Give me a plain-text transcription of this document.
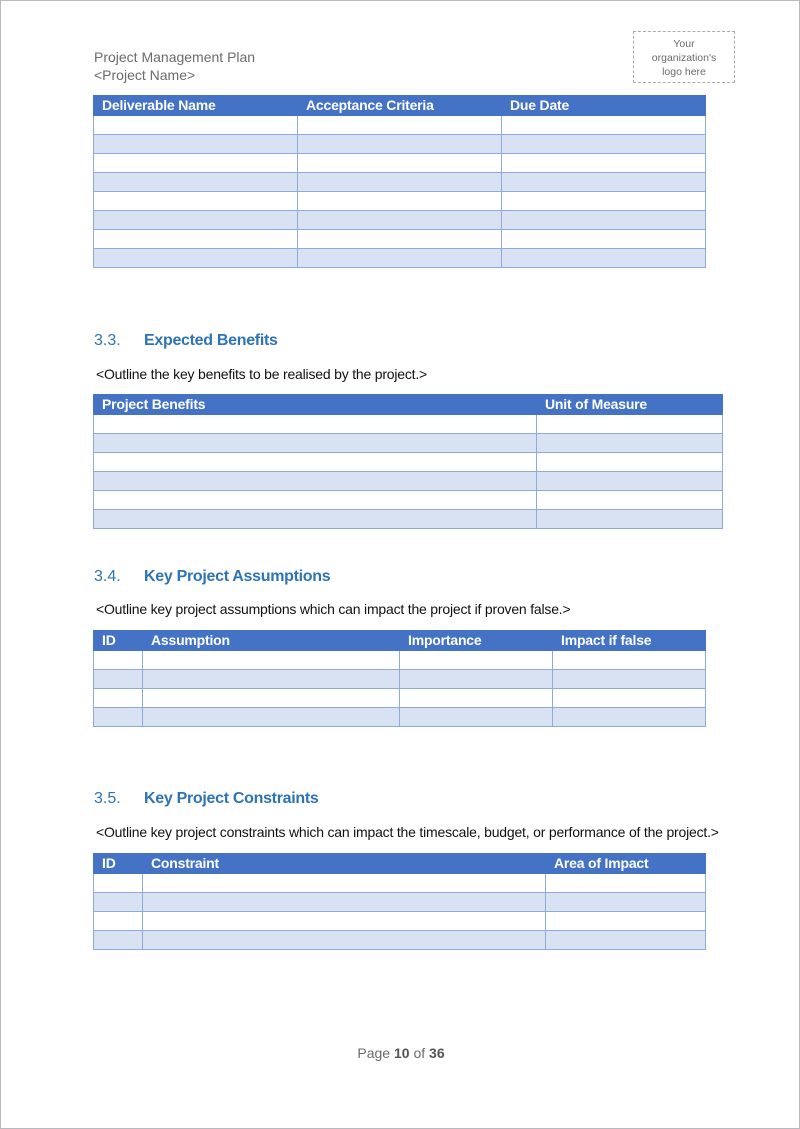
Project Management Plan
<Project Name>
Your
organization's
logo here
Deliverable Name	Acceptance Criteria	Due Date

3.3. Expected Benefits
<Outline the key benefits to be realised by the project.>
Project Benefits	Unit of Measure

3.4. Key Project Assumptions
<Outline key project assumptions which can impact the project if proven false.>
ID	Assumption	Importance	Impact if false

3.5. Key Project Constraints
<Outline key project constraints which can impact the timescale, budget, or performance of the project.>
ID	Constraint	Area of Impact

Page 10 of 36
